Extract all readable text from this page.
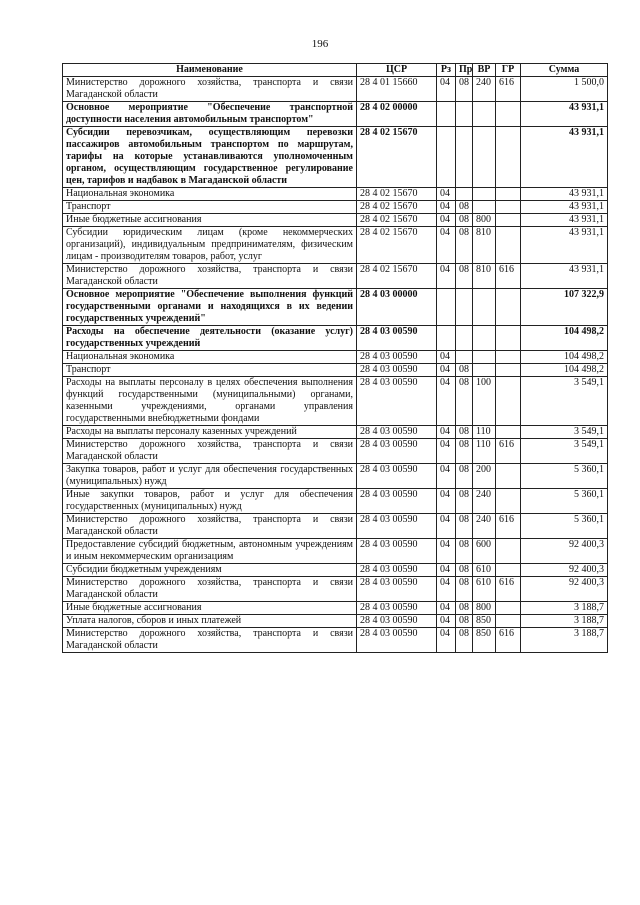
196
Наименование	ЦСР	Рз	Пр	ВР	ГР	Сумма
Министерство дорожного хозяйства, транспорта и связи Магаданской области	28 4 01 15660	04	08	240	616	1 500,0
Основное мероприятие "Обеспечение транспортной доступности населения автомобильным транспортом"	28 4 02 00000					43 931,1
Субсидии перевозчикам, осуществляющим перевозки пассажиров автомобильным транспортом по маршрутам, тарифы на которые устанавливаются уполномоченным органом, осуществляющим государственное регулирование цен, тарифов и надбавок в Магаданской области	28 4 02 15670					43 931,1
Национальная экономика	28 4 02 15670	04				43 931,1
Транспорт	28 4 02 15670	04	08			43 931,1
Иные бюджетные ассигнования	28 4 02 15670	04	08	800		43 931,1
Субсидии юридическим лицам (кроме некоммерческих организаций), индивидуальным предпринимателям, физическим лицам - производителям товаров, работ, услуг	28 4 02 15670	04	08	810		43 931,1
Министерство дорожного хозяйства, транспорта и связи Магаданской области	28 4 02 15670	04	08	810	616	43 931,1
Основное мероприятие "Обеспечение выполнения функций государственными органами и находящихся в их ведении государственных учреждений"	28 4 03 00000					107 322,9
Расходы на обеспечение деятельности (оказание услуг) государственных учреждений	28 4 03 00590					104 498,2
Национальная экономика	28 4 03 00590	04				104 498,2
Транспорт	28 4 03 00590	04	08			104 498,2
Расходы на выплаты персоналу в целях обеспечения выполнения функций государственными (муниципальными) органами, казенными учреждениями, органами управления государственными внебюджетными фондами	28 4 03 00590	04	08	100		3 549,1
Расходы на выплаты персоналу казенных учреждений	28 4 03 00590	04	08	110		3 549,1
Министерство дорожного хозяйства, транспорта и связи Магаданской области	28 4 03 00590	04	08	110	616	3 549,1
Закупка товаров, работ и услуг для обеспечения государственных (муниципальных) нужд	28 4 03 00590	04	08	200		5 360,1
Иные закупки товаров, работ и услуг для обеспечения государственных (муниципальных) нужд	28 4 03 00590	04	08	240		5 360,1
Министерство дорожного хозяйства, транспорта и связи Магаданской области	28 4 03 00590	04	08	240	616	5 360,1
Предоставление субсидий бюджетным, автономным учреждениям и иным некоммерческим организациям	28 4 03 00590	04	08	600		92 400,3
Субсидии бюджетным учреждениям	28 4 03 00590	04	08	610		92 400,3
Министерство дорожного хозяйства, транспорта и связи Магаданской области	28 4 03 00590	04	08	610	616	92 400,3
Иные бюджетные ассигнования	28 4 03 00590	04	08	800		3 188,7
Уплата налогов, сборов и иных платежей	28 4 03 00590	04	08	850		3 188,7
Министерство дорожного хозяйства, транспорта и связи Магаданской области	28 4 03 00590	04	08	850	616	3 188,7
